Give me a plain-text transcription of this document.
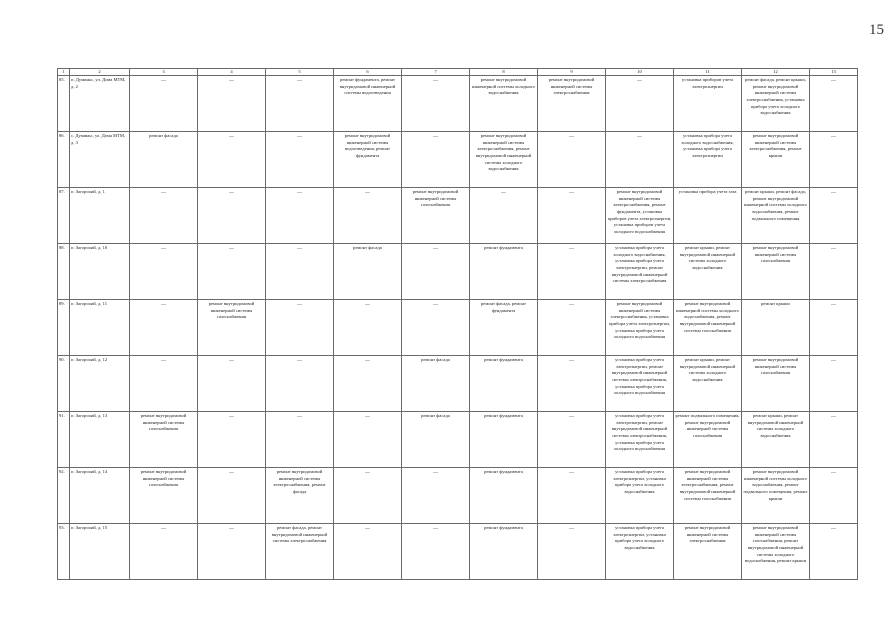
15
1	2	3	4	5	6	7	8	9	10	11	12	13
85.	п. Думиньс, ул. Дома МТМ, д. 2	—	—	—	ремонт фундамента, ремонт внутридомовой инженерной системы водоотведения	—	ремонт внутридомовой инженерной системы холодного водоснабжения	ремонт внутридомовой инженерной системы электроснабжения	—	установка приборов учета электроэнергии	ремонт фасада, ремонт крыши, ремонт внутридомовой инженерной системы электроснабжения, установка прибора учета холодного водоснабжения	—
86.	с. Думиньс, ул. Дома МТМ, д. 3	ремонт фасада	—	—	ремонт внутридомовой инженерной системы водоотведения, ремонт фундамента	—	ремонт внутридомовой инженерной системы электроснабжения, ремонт внутридомовой инженерной системы холодного водоснабжения	—	—	установка прибора учета холодного водоснабжения, установка прибора учета электроэнергии	ремонт внутридомовой инженерной системы электроснабжения, ремонт крыши	—
87.	п. Загорский, д. 1	—	—	—	—	ремонт внутридомовой инженерной системы газоснабжения	—	—	ремонт внутридомовой инженерной системы электроснабжения, ремонт фундамента, установка приборов учета электроэнергии, установка приборов учета холодного водоснабжения	установка прибора учета газа	ремонт крыши, ремонт фасада, ремонт внутридомовой инженерной системы холодного водоснабжения, ремонт подвального помещения	—
88.	п. Загорский, д. 10	—	—	—	ремонт фасада	—	ремонт фундамента	—	установка прибора учета холодного водоснабжения, установка прибора учета электроэнергии, ремонт внутридомовой инженерной системы электроснабжения	ремонт крыши, ремонт внутридомовой инженерной системы холодного водоснабжения	ремонт внутридомовой инженерной системы газоснабжения	—
89.	п. Загорский, д. 11	—	ремонт внутридомовой инженерной системы газоснабжения	—	—	—	ремонт фасада, ремонт фундамента	—	ремонт внутридомовой инженерной системы электроснабжения, установка прибора учета электроэнергии, установка прибора учета холодного водоснабжения	ремонт внутридомовой инженерной системы холодного водоснабжения, ремонт внутридомовой инженерной системы газоснабжения	ремонт крыши	—
90.	п. Загорский, д. 12	—	—	—	—	ремонт фасада	ремонт фундамента	—	установка прибора учета электроэнергии, ремонт внутридомовой инженерной системы электроснабжения, установка прибора учета холодного водоснабжения	ремонт крыши, ремонт внутридомовой инженерной системы холодного водоснабжения	ремонт внутридомовой инженерной системы газоснабжения	—
91.	п. Загорский, д. 13	ремонт внутридомовой инженерной системы газоснабжения	—	—	—	ремонт фасада	ремонт фундамента	—	установка прибора учета электроэнергии, ремонт внутридомовой инженерной системы электроснабжения, установка прибора учета холодного водоснабжения	ремонт подвального помещения, ремонт внутридомовой инженерной системы газоснабжения	ремонт крыши, ремонт внутридомовой инженерной системы холодного водоснабжения	—
92.	п. Загорский, д. 14	ремонт внутридомовой инженерной системы газоснабжения	—	ремонт внутридомовой инженерной системы электроснабжения, ремонт фасада	—	—	ремонт фундамента	—	установка прибора учета электроэнергии, установка прибора учета холодного водоснабжения	ремонт внутридомовой инженерной системы электроснабжения, ремонт внутридомовой инженерной системы газоснабжения	ремонт внутридомовой инженерной системы холодного водоснабжения, ремонт подвального помещения, ремонт крыши	—
93.	п. Загорский, д. 15	—	—	ремонт фасада, ремонт внутридомовой инженерной системы электроснабжения	—	—	ремонт фундамента	—	установка прибора учета электроэнергии, установка прибора учета холодного водоснабжения	ремонт внутридомовой инженерной системы электроснабжения	ремонт внутридомовой инженерной системы газоснабжения, ремонт внутридомовой инженерной системы холодного водоснабжения, ремонт крыши	—
